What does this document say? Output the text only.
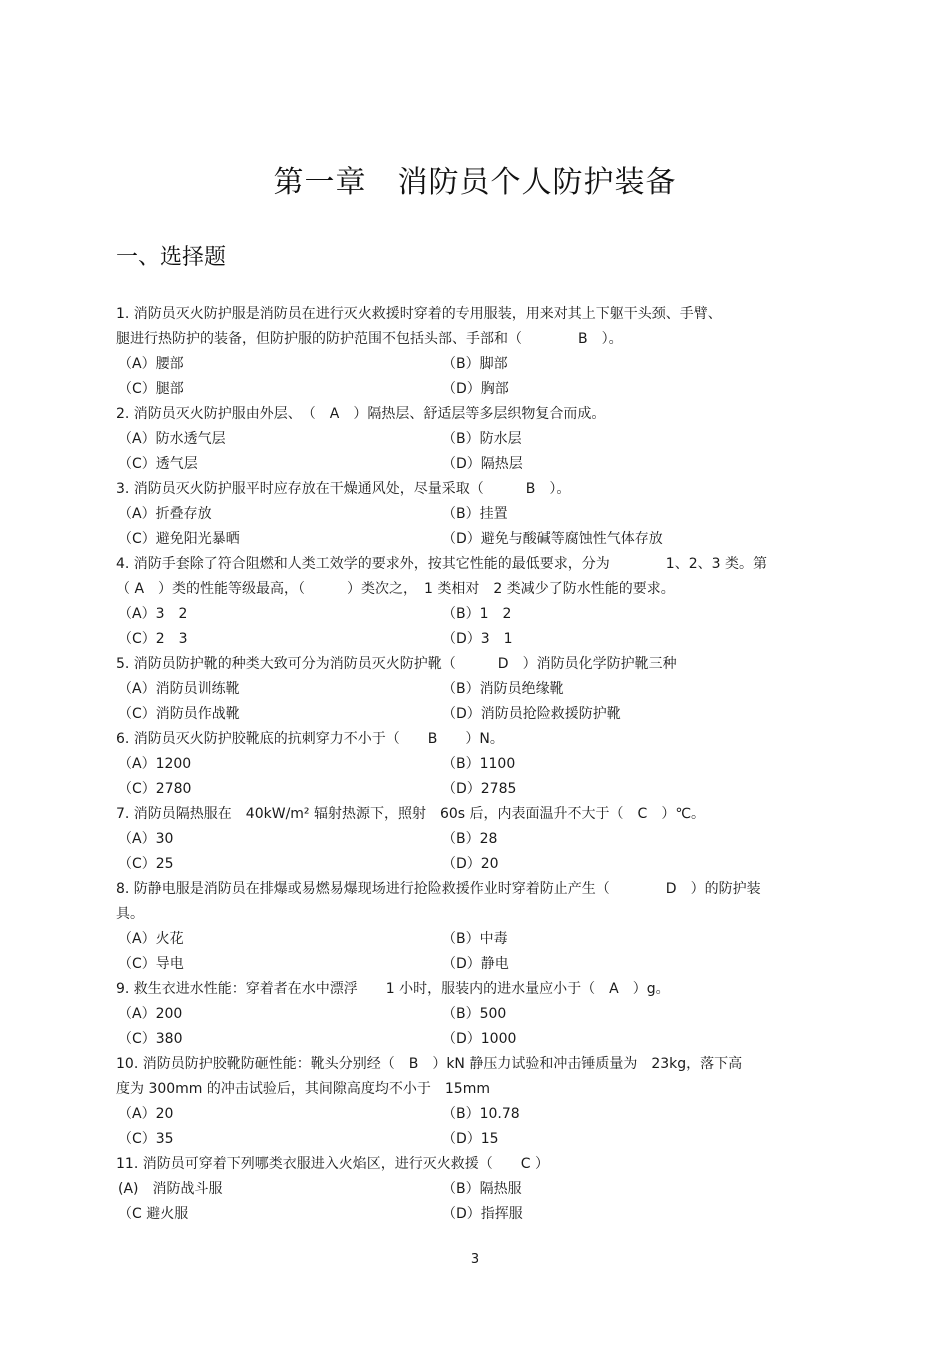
第一章　消防员个人防护装备
一、选择题
1. 消防员灭火防护服是消防员在进行灭火救援时穿着的专用服装，用来对其上下躯干头颈、手臂、
腿进行热防护的装备，但防护服的防护范围不包括头部、手部和（　　　　B　）。
（A）腰部	（B）脚部
（C）腿部	（D）胸部
2. 消防员灭火防护服由外层、　（　A　）隔热层、舒适层等多层织物复合而成。
（A）防水透气层	（B）防水层
（C）透气层	（D）隔热层
3. 消防员灭火防护服平时应存放在干燥通风处，尽量采取（　　　B　）。
（A）折叠存放	（B）挂置
（C）避免阳光暴晒	（D）避免与酸碱等腐蚀性气体存放
4. 消防手套除了符合阻燃和人类工效学的要求外，按其它性能的最低要求，分为　　　　1、2、3 类。第
（ A　）类的性能等级最高，（　　　）类次之，　1 类相对　2 类减少了防水性能的要求。
（A）3　2	（B）1　2
（C）2　3	（D）3　1
5. 消防员防护靴的种类大致可分为消防员灭火防护靴（　　　D　）消防员化学防护靴三种
（A）消防员训练靴	（B）消防员绝缘靴
（C）消防员作战靴	（D）消防员抢险救援防护靴
6. 消防员灭火防护胶靴底的抗刺穿力不小于（　　B　　）N。
（A）1200	（B）1100
（C）2780	（D）2785
7. 消防员隔热服在　40kW/m² 辐射热源下，照射　60s 后，内表面温升不大于（　C　）℃。
（A）30	（B）28
（C）25	（D）20
8. 防静电服是消防员在排爆或易燃易爆现场进行抢险救援作业时穿着防止产生（　　　　D　）的防护装
具。
（A）火花	（B）中毒
（C）导电	（D）静电
9. 救生衣进水性能：穿着者在水中漂浮　　1 小时，服装内的进水量应小于（　A　）g。
（A）200	（B）500
（C）380	（D）1000
10. 消防员防护胶靴防砸性能：靴头分别经（　B　）kN 静压力试验和冲击锤质量为　23kg，落下高
度为 300mm 的冲击试验后，其间隙高度均不小于　15mm
（A）20	（B）10.78
（C）35	（D）15
11. 消防员可穿着下列哪类衣服进入火焰区，进行灭火救援（　　C ）
(A)　消防战斗服	（B）隔热服
（C 避火服	（D）指挥服
3
